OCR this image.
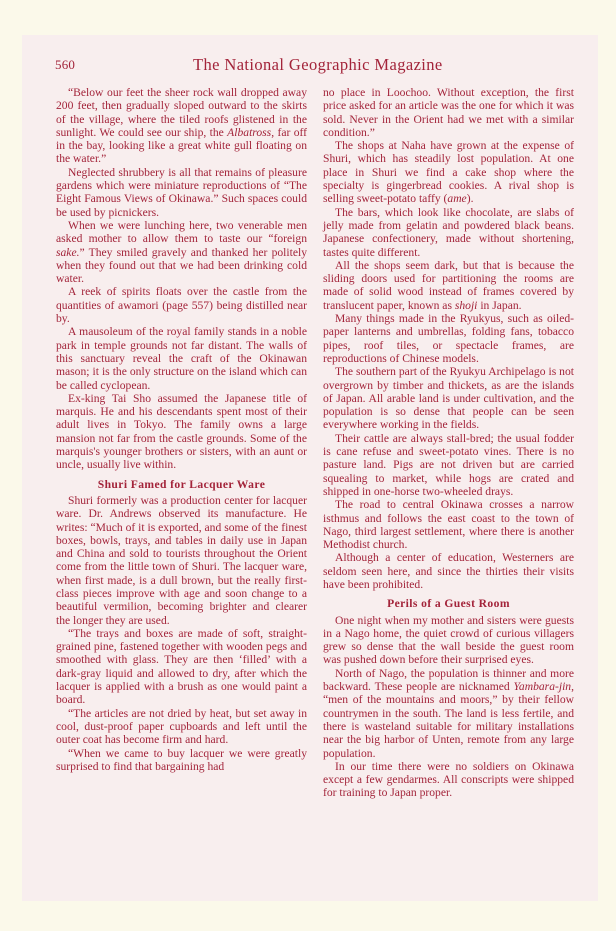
560	The National Geographic Magazine

“Below our feet the sheer rock wall dropped away 200 feet, then gradually sloped outward to the skirts of the village, where the tiled roofs glistened in the sunlight. We could see our ship, the Albatross, far off in the bay, looking like a great white gull floating on the water.”

Neglected shrubbery is all that remains of pleasure gardens which were miniature reproductions of “The Eight Famous Views of Okinawa.” Such spaces could be used by picnickers.

When we were lunching here, two venerable men asked mother to allow them to taste our “foreign sake.” They smiled gravely and thanked her politely when they found out that we had been drinking cold water.

A reek of spirits floats over the castle from the quantities of awamori (page 557) being distilled near by.

A mausoleum of the royal family stands in a noble park in temple grounds not far distant. The walls of this sanctuary reveal the craft of the Okinawan mason; it is the only structure on the island which can be called cyclopean.

Ex-king Tai Sho assumed the Japanese title of marquis. He and his descendants spent most of their adult lives in Tokyo. The family owns a large mansion not far from the castle grounds. Some of the marquis's younger brothers or sisters, with an aunt or uncle, usually live within.

Shuri Famed for Lacquer Ware

Shuri formerly was a production center for lacquer ware. Dr. Andrews observed its manufacture. He writes: “Much of it is exported, and some of the finest boxes, bowls, trays, and tables in daily use in Japan and China and sold to tourists throughout the Orient come from the little town of Shuri. The lacquer ware, when first made, is a dull brown, but the really first-class pieces improve with age and soon change to a beautiful vermilion, becoming brighter and clearer the longer they are used.

“The trays and boxes are made of soft, straight-grained pine, fastened together with wooden pegs and smoothed with glass. They are then ‘filled’ with a dark-gray liquid and allowed to dry, after which the lacquer is applied with a brush as one would paint a board.

“The articles are not dried by heat, but set away in cool, dust-proof paper cupboards and left until the outer coat has become firm and hard.

“When we came to buy lacquer we were greatly surprised to find that bargaining had

no place in Loochoo. Without exception, the first price asked for an article was the one for which it was sold. Never in the Orient had we met with a similar condition.”

The shops at Naha have grown at the expense of Shuri, which has steadily lost population. At one place in Shuri we find a cake shop where the specialty is gingerbread cookies. A rival shop is selling sweet-potato taffy (ame).

The bars, which look like chocolate, are slabs of jelly made from gelatin and powdered black beans. Japanese confectionery, made without shortening, tastes quite different.

All the shops seem dark, but that is because the sliding doors used for partitioning the rooms are made of solid wood instead of frames covered by translucent paper, known as shoji in Japan.

Many things made in the Ryukyus, such as oiled-paper lanterns and umbrellas, folding fans, tobacco pipes, roof tiles, or spectacle frames, are reproductions of Chinese models.

The southern part of the Ryukyu Archipelago is not overgrown by timber and thickets, as are the islands of Japan. All arable land is under cultivation, and the population is so dense that people can be seen everywhere working in the fields.

Their cattle are always stall-bred; the usual fodder is cane refuse and sweet-potato vines. There is no pasture land. Pigs are not driven but are carried squealing to market, while hogs are crated and shipped in one-horse two-wheeled drays.

The road to central Okinawa crosses a narrow isthmus and follows the east coast to the town of Nago, third largest settlement, where there is another Methodist church.

Although a center of education, Westerners are seldom seen here, and since the thirties their visits have been prohibited.

Perils of a Guest Room

One night when my mother and sisters were guests in a Nago home, the quiet crowd of curious villagers grew so dense that the wall beside the guest room was pushed down before their surprised eyes.

North of Nago, the population is thinner and more backward. These people are nicknamed Yambara-jin, “men of the mountains and moors,” by their fellow countrymen in the south. The land is less fertile, and there is wasteland suitable for military installations near the big harbor of Unten, remote from any large population.

In our time there were no soldiers on Okinawa except a few gendarmes. All conscripts were shipped for training to Japan proper.
